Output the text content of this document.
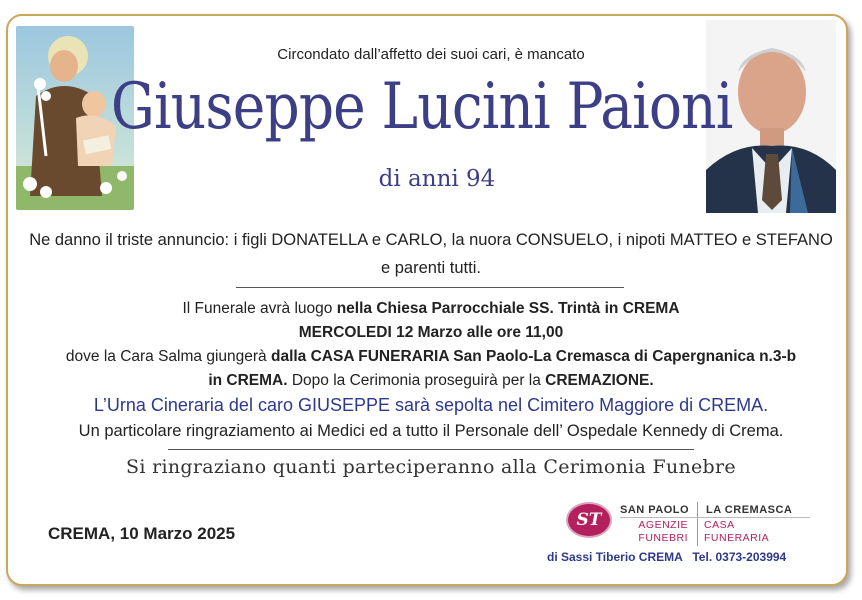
Circondato dall’affetto dei suoi cari, è mancato
Giuseppe Lucini Paioni
di anni 94
Ne danno il triste annuncio: i figli DONATELLA e CARLO, la nuora CONSUELO, i nipoti MATTEO e STEFANO
e parenti tutti.
Il Funerale avrà luogo nella Chiesa Parrocchiale SS. Trintà in CREMA
MERCOLEDI 12 Marzo alle ore 11,00
dove la Cara Salma giungerà dalla CASA FUNERARIA San Paolo-La Cremasca di Capergnanica n.3-b
in CREMA. Dopo la Cerimonia proseguirà per la CREMAZIONE.
L’Urna Cineraria del caro GIUSEPPE sarà sepolta nel Cimitero Maggiore di CREMA.
Un particolare ringraziamento ai Medici ed a tutto il Personale dell’ Ospedale Kennedy di Crema.
Si ringraziano quanti parteciperanno alla Cerimonia Funebre
CREMA, 10 Marzo 2025
ST	SAN PAOLO LA CREMASCA
AGENZIE
FUNEBRI
CASA
FUNERARIA
di Sassi Tiberio CREMA   Tel. 0373-203994
